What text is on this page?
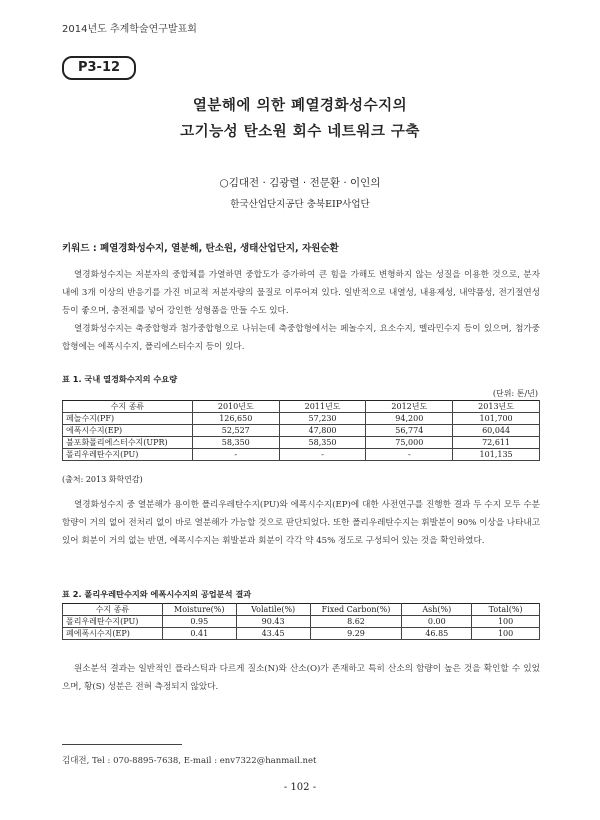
2014년도 추계학술연구발표회
P3-12
열분해에 의한 폐열경화성수지의
고기능성 탄소원 회수 네트워크 구축
○김대전 · 김광렬 · 전문환 · 이인의
한국산업단지공단 충북EIP사업단
키워드 : 폐열경화성수지, 열분해, 탄소원, 생태산업단지, 자원순환

열경화성수지는 저분자의 중합체를 가열하면 중합도가 증가하여 큰 힘을 가해도 변형하지 않는 성질을 이용한 것으로, 분자 내에 3개 이상의 반응기를 가진 비교적 저분자량의 물질로 이루어져 있다. 일반적으로 내열성, 내용제성, 내약품성, 전기절연성 등이 좋으며, 충전제를 넣어 강인한 성형품을 만들 수도 있다.

열경화성수지는 축중합형과 첨가중합형으로 나뉘는데 축중합형에서는 페놀수지, 요소수지, 멜라민수지 등이 있으며, 첨가중합형에는 에폭시수지, 폴리에스터수지 등이 있다.

표 1. 국내 열경화수지의 수요량
(단위: 톤/년)
수지 종류	2010년도	2011년도	2012년도	2013년도
페놀수지(PF)	126,650	57,230	94,200	101,700
에폭시수지(EP)	52,527	47,800	56,774	60,044
불포화폴리에스터수지(UPR)	58,350	58,350	75,000	72,611
폴리우레탄수지(PU)	-	-	-	101,135
(출처: 2013 화학연감)

열경화성수지 중 열분해가 용이한 폴리우레탄수지(PU)와 에폭시수지(EP)에 대한 사전연구를 진행한 결과 두 수지 모두 수분함량이 거의 없어 전처리 없이 바로 열분해가 가능할 것으로 판단되었다. 또한 폴리우레탄수지는 휘발분이 90% 이상을 나타내고 있어 회분이 거의 없는 반면, 에폭시수지는 휘발분과 회분이 각각 약 45% 정도로 구성되어 있는 것을 확인하였다.

표 2. 폴리우레탄수지와 에폭시수지의 공업분석 결과
수지 종류	Moisture(%)	Volatile(%)	Fixed Carbon(%)	Ash(%)	Total(%)
폴리우레탄수지(PU)	0.95	90.43	8.62	0.00	100
폐에폭시수지(EP)	0.41	43.45	9.29	46.85	100

원소분석 결과는 일반적인 플라스틱과 다르게 질소(N)와 산소(O)가 존재하고 특히 산소의 함량이 높은 것을 확인할 수 있었으며, 황(S) 성분은 전혀 측정되지 않았다.

김대전, Tel : 070-8895-7638, E-mail : env7322@hanmail.net
- 102 -
